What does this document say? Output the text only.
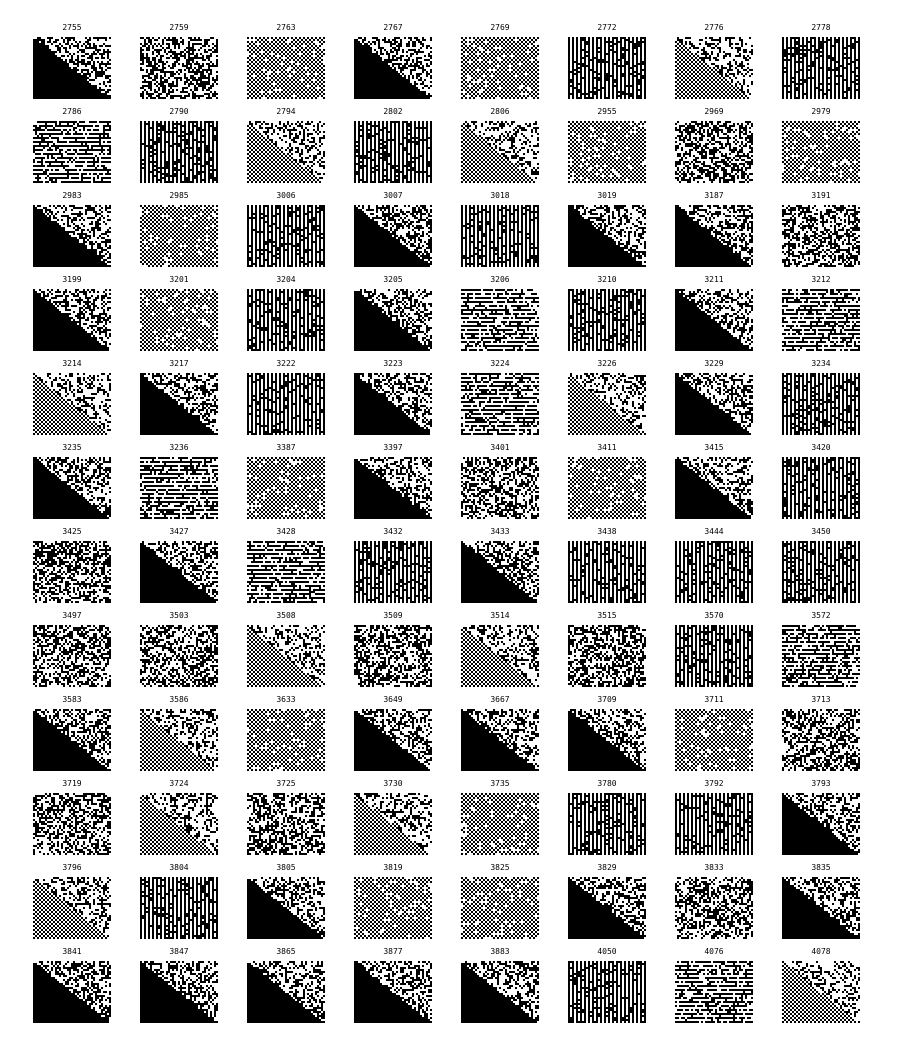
2755	2759	2763	2767	2769	2772	2776	2778
2786	2790	2794	2802	2806	2955	2969	2979
2983	2985	3006	3007	3018	3019	3187	3191
3199	3201	3204	3205	3206	3210	3211	3212
3214	3217	3222	3223	3224	3226	3229	3234
3235	3236	3387	3397	3401	3411	3415	3420
3425	3427	3428	3432	3433	3438	3444	3450
3497	3503	3508	3509	3514	3515	3570	3572
3583	3586	3633	3649	3667	3709	3711	3713
3719	3724	3725	3730	3735	3780	3792	3793
3796	3804	3805	3819	3825	3829	3833	3835
3841	3847	3865	3877	3883	4050	4076	4078
